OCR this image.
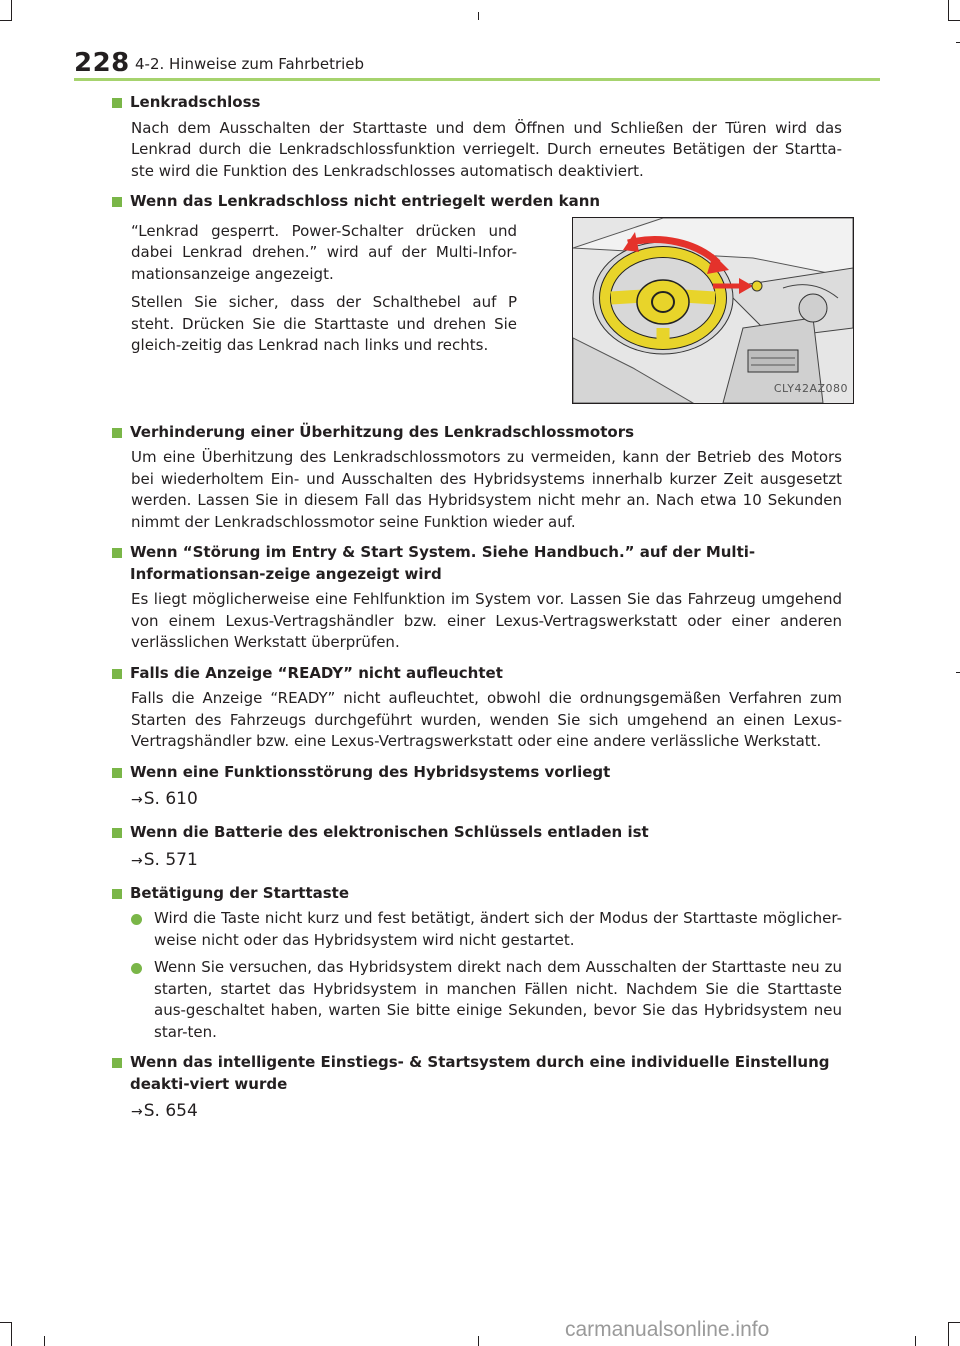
228 4-2. Hinweise zum Fahrbetrieb
Lenkradschloss
Nach dem Ausschalten der Starttaste und dem Öffnen und Schließen der Türen wird das Lenkrad durch die Lenkradschlossfunktion verriegelt. Durch erneutes Betätigen der Startta-ste wird die Funktion des Lenkradschlosses automatisch deaktiviert.
Wenn das Lenkradschloss nicht entriegelt werden kann
“Lenkrad gesperrt. Power-Schalter drücken und dabei Lenkrad drehen.” wird auf der Multi-Infor-mationsanzeige angezeigt.
Stellen Sie sicher, dass der Schalthebel auf P steht. Drücken Sie die Starttaste und drehen Sie gleich-zeitig das Lenkrad nach links und rechts.
CLY42AZ080
Verhinderung einer Überhitzung des Lenkradschlossmotors
Um eine Überhitzung des Lenkradschlossmotors zu vermeiden, kann der Betrieb des Motors bei wiederholtem Ein- und Ausschalten des Hybridsystems innerhalb kurzer Zeit ausgesetzt werden. Lassen Sie in diesem Fall das Hybridsystem nicht mehr an. Nach etwa 10 Sekunden nimmt der Lenkradschlossmotor seine Funktion wieder auf.
Wenn “Störung im Entry & Start System. Siehe Handbuch.” auf der Multi-Informationsan-zeige angezeigt wird
Es liegt möglicherweise eine Fehlfunktion im System vor. Lassen Sie das Fahrzeug umgehend von einem Lexus-Vertragshändler bzw. einer Lexus-Vertragswerkstatt oder einer anderen verlässlichen Werkstatt überprüfen.
Falls die Anzeige “READY” nicht aufleuchtet
Falls die Anzeige “READY” nicht aufleuchtet, obwohl die ordnungsgemäßen Verfahren zum Starten des Fahrzeugs durchgeführt wurden, wenden Sie sich umgehend an einen Lexus-Vertragshändler bzw. eine Lexus-Vertragswerkstatt oder eine andere verlässliche Werkstatt.
Wenn eine Funktionsstörung des Hybridsystems vorliegt
→S. 610
Wenn die Batterie des elektronischen Schlüssels entladen ist
→S. 571
Betätigung der Starttaste
Wird die Taste nicht kurz und fest betätigt, ändert sich der Modus der Starttaste möglicher-weise nicht oder das Hybridsystem wird nicht gestartet.
Wenn Sie versuchen, das Hybridsystem direkt nach dem Ausschalten der Starttaste neu zu starten, startet das Hybridsystem in manchen Fällen nicht. Nachdem Sie die Starttaste aus-geschaltet haben, warten Sie bitte einige Sekunden, bevor Sie das Hybridsystem neu star-ten.
Wenn das intelligente Einstiegs- & Startsystem durch eine individuelle Einstellung deakti-viert wurde
→S. 654
carmanualsonline.info
